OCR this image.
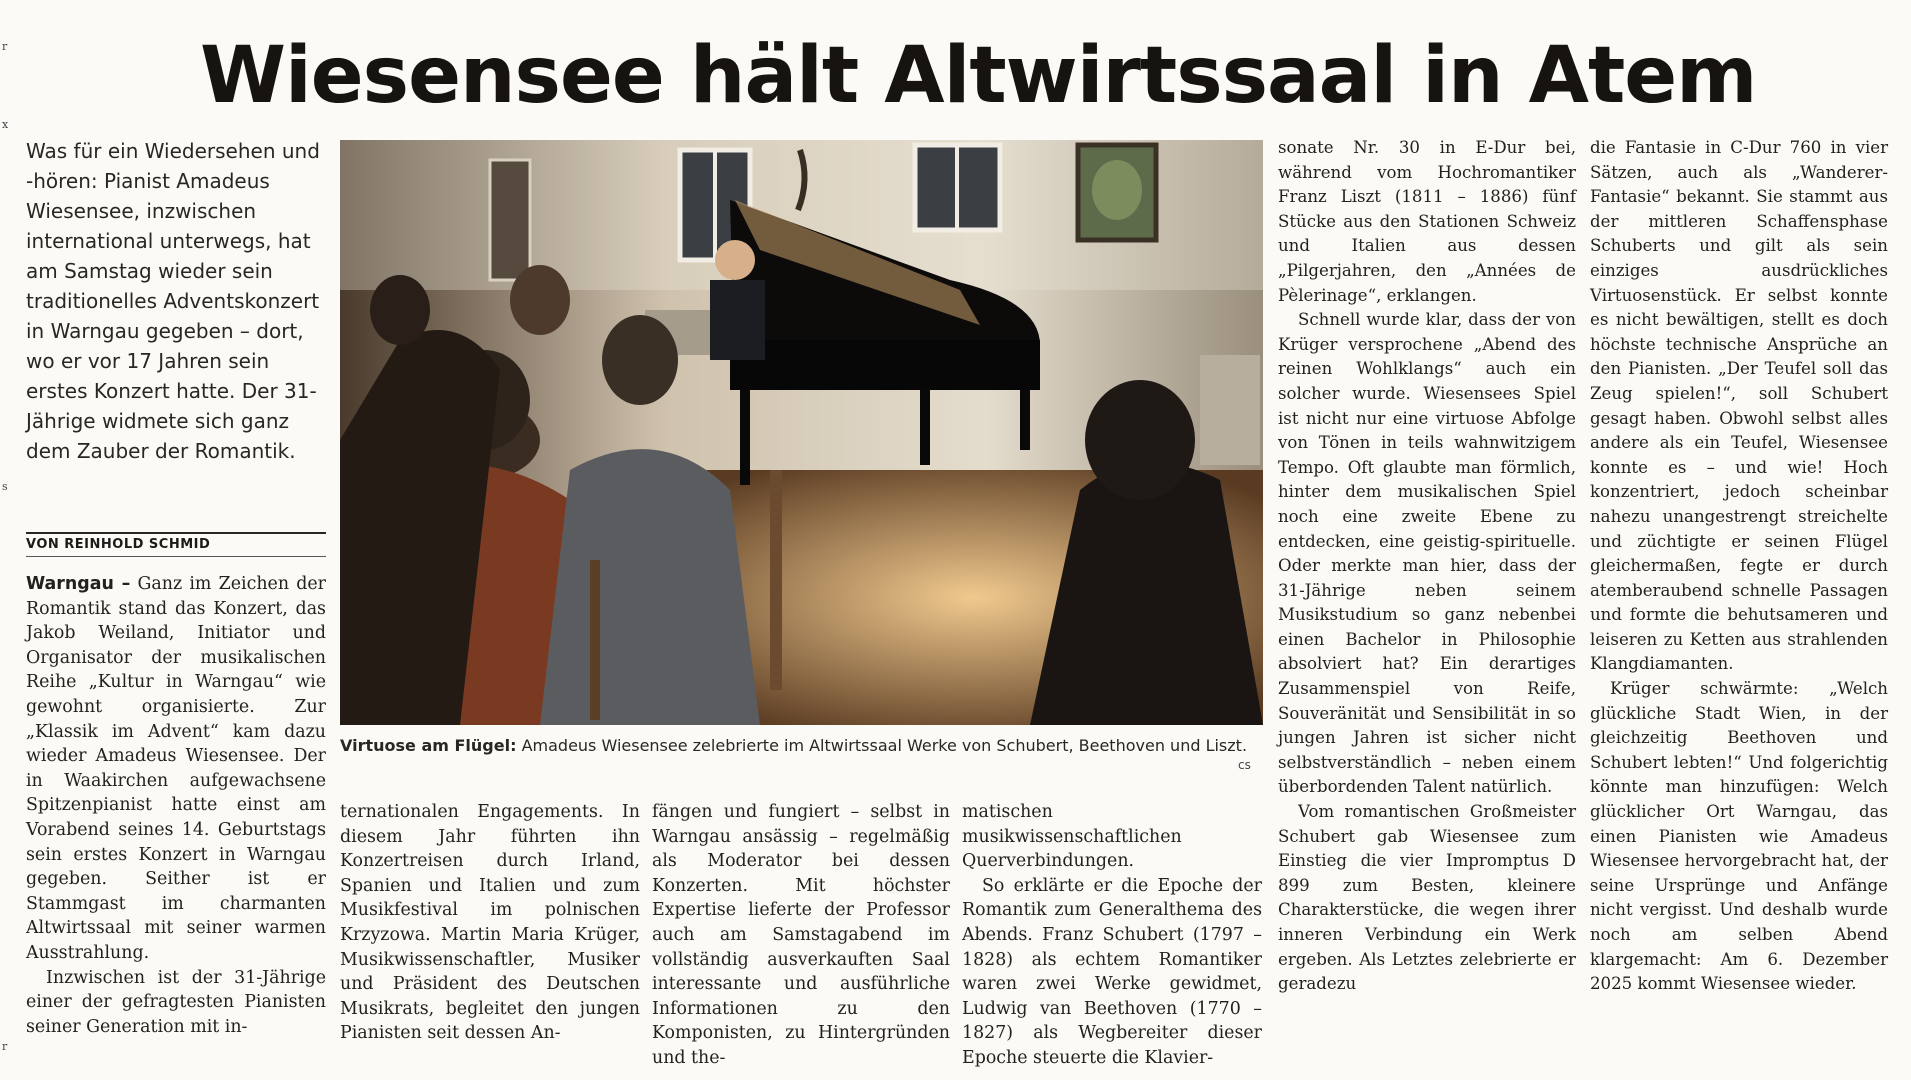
Wiesensee hält Altwirtssaal in Atem
Was für ein Wiedersehen und -hören: Pianist Amadeus Wiesensee, inzwischen international unterwegs, hat am Samstag wieder sein traditionelles Adventskonzert in Warngau gegeben – dort, wo er vor 17 Jahren sein erstes Konzert hatte. Der 31-Jährige widmete sich ganz dem Zauber der Romantik.
VON REINHOLD SCHMID

Warngau – Ganz im Zeichen der Romantik stand das Konzert, das Jakob Weiland, Initiator und Organisator der musikalischen Reihe „Kultur in Warngau“ wie gewohnt organisierte. Zur „Klassik im Advent“ kam dazu wieder Amadeus Wiesensee. Der in Waakirchen aufgewachsene Spitzenpianist hatte einst am Vorabend seines 14. Geburtstags sein erstes Konzert in Warngau gegeben. Seither ist er Stammgast im charmanten Altwirtssaal mit seiner warmen Ausstrahlung.

Inzwischen ist der 31-Jährige einer der gefragtesten Pianisten seiner Generation mit in-

Virtuose am Flügel: Amadeus Wiesensee zelebrierte im Altwirtssaal Werke von Schubert, Beethoven und Liszt.
cs

ternationalen Engagements. In diesem Jahr führten ihn Konzertreisen durch Irland, Spanien und Italien und zum Musikfestival im polnischen Krzyzowa. Martin Maria Krüger, Musikwissenschaftler, Musiker und Präsident des Deutschen Musikrats, begleitet den jungen Pianisten seit dessen An-

fängen und fungiert – selbst in Warngau ansässig – regelmäßig als Moderator bei dessen Konzerten. Mit höchster Expertise lieferte der Professor auch am Samstagabend im vollständig ausverkauften Saal interessante und ausführliche Informationen zu den Komponisten, zu Hintergründen und the-

matischen musikwissenschaftlichen Querverbindungen.

So erklärte er die Epoche der Romantik zum Generalthema des Abends. Franz Schubert (1797 – 1828) als echtem Romantiker waren zwei Werke gewidmet, Ludwig van Beethoven (1770 – 1827) als Wegbereiter dieser Epoche steuerte die Klavier-

sonate Nr. 30 in E-Dur bei, während vom Hochromantiker Franz Liszt (1811 – 1886) fünf Stücke aus den Stationen Schweiz und Italien aus dessen „Pilgerjahren, den „Années de Pèlerinage“, erklangen.

Schnell wurde klar, dass der von Krüger versprochene „Abend des reinen Wohlklangs“ auch ein solcher wurde. Wiesensees Spiel ist nicht nur eine virtuose Abfolge von Tönen in teils wahnwitzigem Tempo. Oft glaubte man förmlich, hinter dem musikalischen Spiel noch eine zweite Ebene zu entdecken, eine geistig-spirituelle. Oder merkte man hier, dass der 31-Jährige neben seinem Musikstudium so ganz nebenbei einen Bachelor in Philosophie absolviert hat? Ein derartiges Zusammenspiel von Reife, Souveränität und Sensibilität in so jungen Jahren ist sicher nicht selbstverständlich – neben einem überbordenden Talent natürlich.

Vom romantischen Großmeister Schubert gab Wiesensee zum Einstieg die vier Impromptus D 899 zum Besten, kleinere Charakterstücke, die wegen ihrer inneren Verbindung ein Werk ergeben. Als Letztes zelebrierte er geradezu

die Fantasie in C-Dur 760 in vier Sätzen, auch als „Wanderer-Fantasie“ bekannt. Sie stammt aus der mittleren Schaffensphase Schuberts und gilt als sein einziges ausdrückliches Virtuosenstück. Er selbst konnte es nicht bewältigen, stellt es doch höchste technische Ansprüche an den Pianisten. „Der Teufel soll das Zeug spielen!“, soll Schubert gesagt haben. Obwohl selbst alles andere als ein Teufel, Wiesensee konnte es – und wie! Hoch konzentriert, jedoch scheinbar nahezu unangestrengt streichelte und züchtigte er seinen Flügel gleichermaßen, fegte er durch atemberaubend schnelle Passagen und formte die behutsameren und leiseren zu Ketten aus strahlenden Klangdiamanten.

Krüger schwärmte: „Welch glückliche Stadt Wien, in der gleichzeitig Beethoven und Schubert lebten!“ Und folgerichtig könnte man hinzufügen: Welch glücklicher Ort Warngau, das einen Pianisten wie Amadeus Wiesensee hervorgebracht hat, der seine Ursprünge und Anfänge nicht vergisst. Und deshalb wurde noch am selben Abend klargemacht: Am 6. Dezember 2025 kommt Wiesensee wieder.

r
x
s
r
